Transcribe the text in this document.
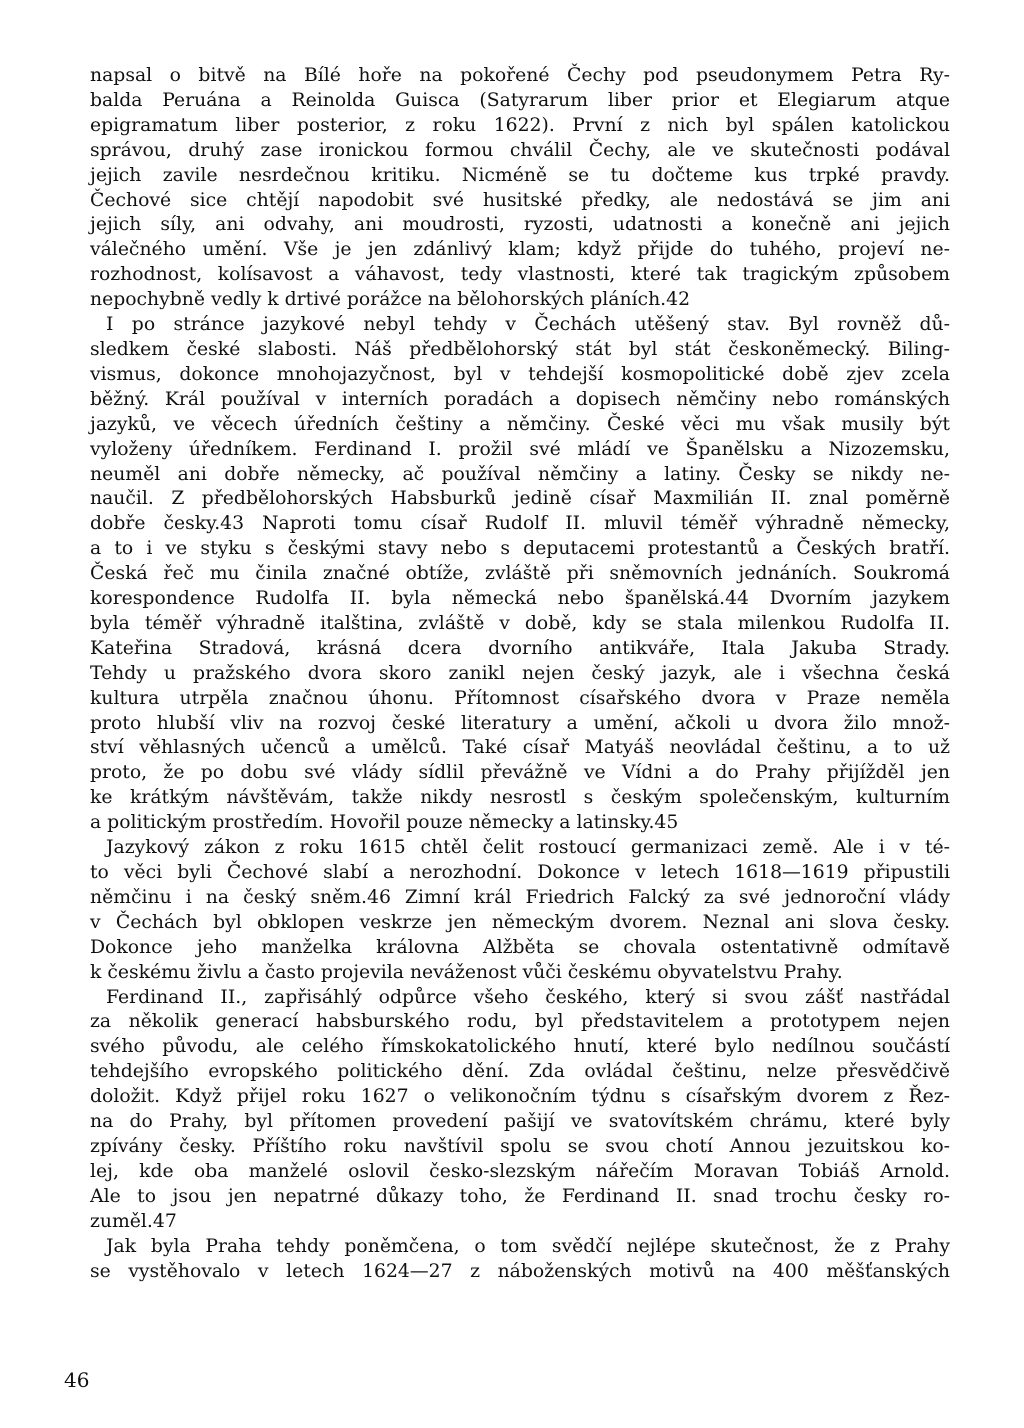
napsal o bitvě na Bílé hoře na pokořené Čechy pod pseudonymem Petra Ry-
balda Peruána a Reinolda Guisca (Satyrarum liber prior et Elegiarum atque
epigramatum liber posterior, z roku 1622). První z nich byl spálen katolickou
správou, druhý zase ironickou formou chválil Čechy, ale ve skutečnosti podával
jejich zavile nesrdečnou kritiku. Nicméně se tu dočteme kus trpké pravdy.
Čechové sice chtějí napodobit své husitské předky, ale nedostává se jim ani
jejich síly, ani odvahy, ani moudrosti, ryzosti, udatnosti a konečně ani jejich
válečného umění. Vše je jen zdánlivý klam; když přijde do tuhého, projeví ne-
rozhodnost, kolísavost a váhavost, tedy vlastnosti, které tak tragickým způsobem
nepochybně vedly k drtivé porážce na bělohorských pláních.42

I po stránce jazykové nebyl tehdy v Čechách utěšený stav. Byl rovněž dů-
sledkem české slabosti. Náš předbělohorský stát byl stát českoněmecký. Biling-
vismus, dokonce mnohojazyčnost, byl v tehdejší kosmopolitické době zjev zcela
běžný. Král používal v interních poradách a dopisech němčiny nebo románských
jazyků, ve věcech úředních češtiny a němčiny. České věci mu však musily být
vyloženy úředníkem. Ferdinand I. prožil své mládí ve Španělsku a Nizozemsku,
neuměl ani dobře německy, ač používal němčiny a latiny. Česky se nikdy ne-
naučil. Z předbělohorských Habsburků jedině císař Maxmilián II. znal poměrně
dobře česky.43 Naproti tomu císař Rudolf II. mluvil téměř výhradně německy,
a to i ve styku s českými stavy nebo s deputacemi protestantů a Českých bratří.
Česká řeč mu činila značné obtíže, zvláště při sněmovních jednáních. Soukromá
korespondence Rudolfa II. byla německá nebo španělská.44 Dvorním jazykem
byla téměř výhradně italština, zvláště v době, kdy se stala milenkou Rudolfa II.
Kateřina Stradová, krásná dcera dvorního antikváře, Itala Jakuba Strady.
Tehdy u pražského dvora skoro zanikl nejen český jazyk, ale i všechna česká
kultura utrpěla značnou úhonu. Přítomnost císařského dvora v Praze neměla
proto hlubší vliv na rozvoj české literatury a umění, ačkoli u dvora žilo množ-
ství věhlasných učenců a umělců. Také císař Matyáš neovládal češtinu, a to už
proto, že po dobu své vlády sídlil převážně ve Vídni a do Prahy přijížděl jen
ke krátkým návštěvám, takže nikdy nesrostl s českým společenským, kulturním
a politickým prostředím. Hovořil pouze německy a latinsky.45

Jazykový zákon z roku 1615 chtěl čelit rostoucí germanizaci země. Ale i v té-
to věci byli Čechové slabí a nerozhodní. Dokonce v letech 1618—1619 připustili
němčinu i na český sněm.46 Zimní král Friedrich Falcký za své jednoroční vlády
v Čechách byl obklopen veskrze jen německým dvorem. Neznal ani slova česky.
Dokonce jeho manželka královna Alžběta se chovala ostentativně odmítavě
k českému živlu a často projevila neváženost vůči českému obyvatelstvu Prahy.

Ferdinand II., zapřisáhlý odpůrce všeho českého, který si svou zášť nastřádal
za několik generací habsburského rodu, byl představitelem a prototypem nejen
svého původu, ale celého římskokatolického hnutí, které bylo nedílnou součástí
tehdejšího evropského politického dění. Zda ovládal češtinu, nelze přesvědčivě
doložit. Když přijel roku 1627 o velikonočním týdnu s císařským dvorem z Řez-
na do Prahy, byl přítomen provedení pašijí ve svatovítském chrámu, které byly
zpívány česky. Příštího roku navštívil spolu se svou chotí Annou jezuitskou ko-
lej, kde oba manželé oslovil česko-slezským nářečím Moravan Tobiáš Arnold.
Ale to jsou jen nepatrné důkazy toho, že Ferdinand II. snad trochu česky ro-
zuměl.47

Jak byla Praha tehdy poněmčena, o tom svědčí nejlépe skutečnost, že z Prahy
se vystěhovalo v letech 1624—27 z náboženských motivů na 400 měšťanských

46
